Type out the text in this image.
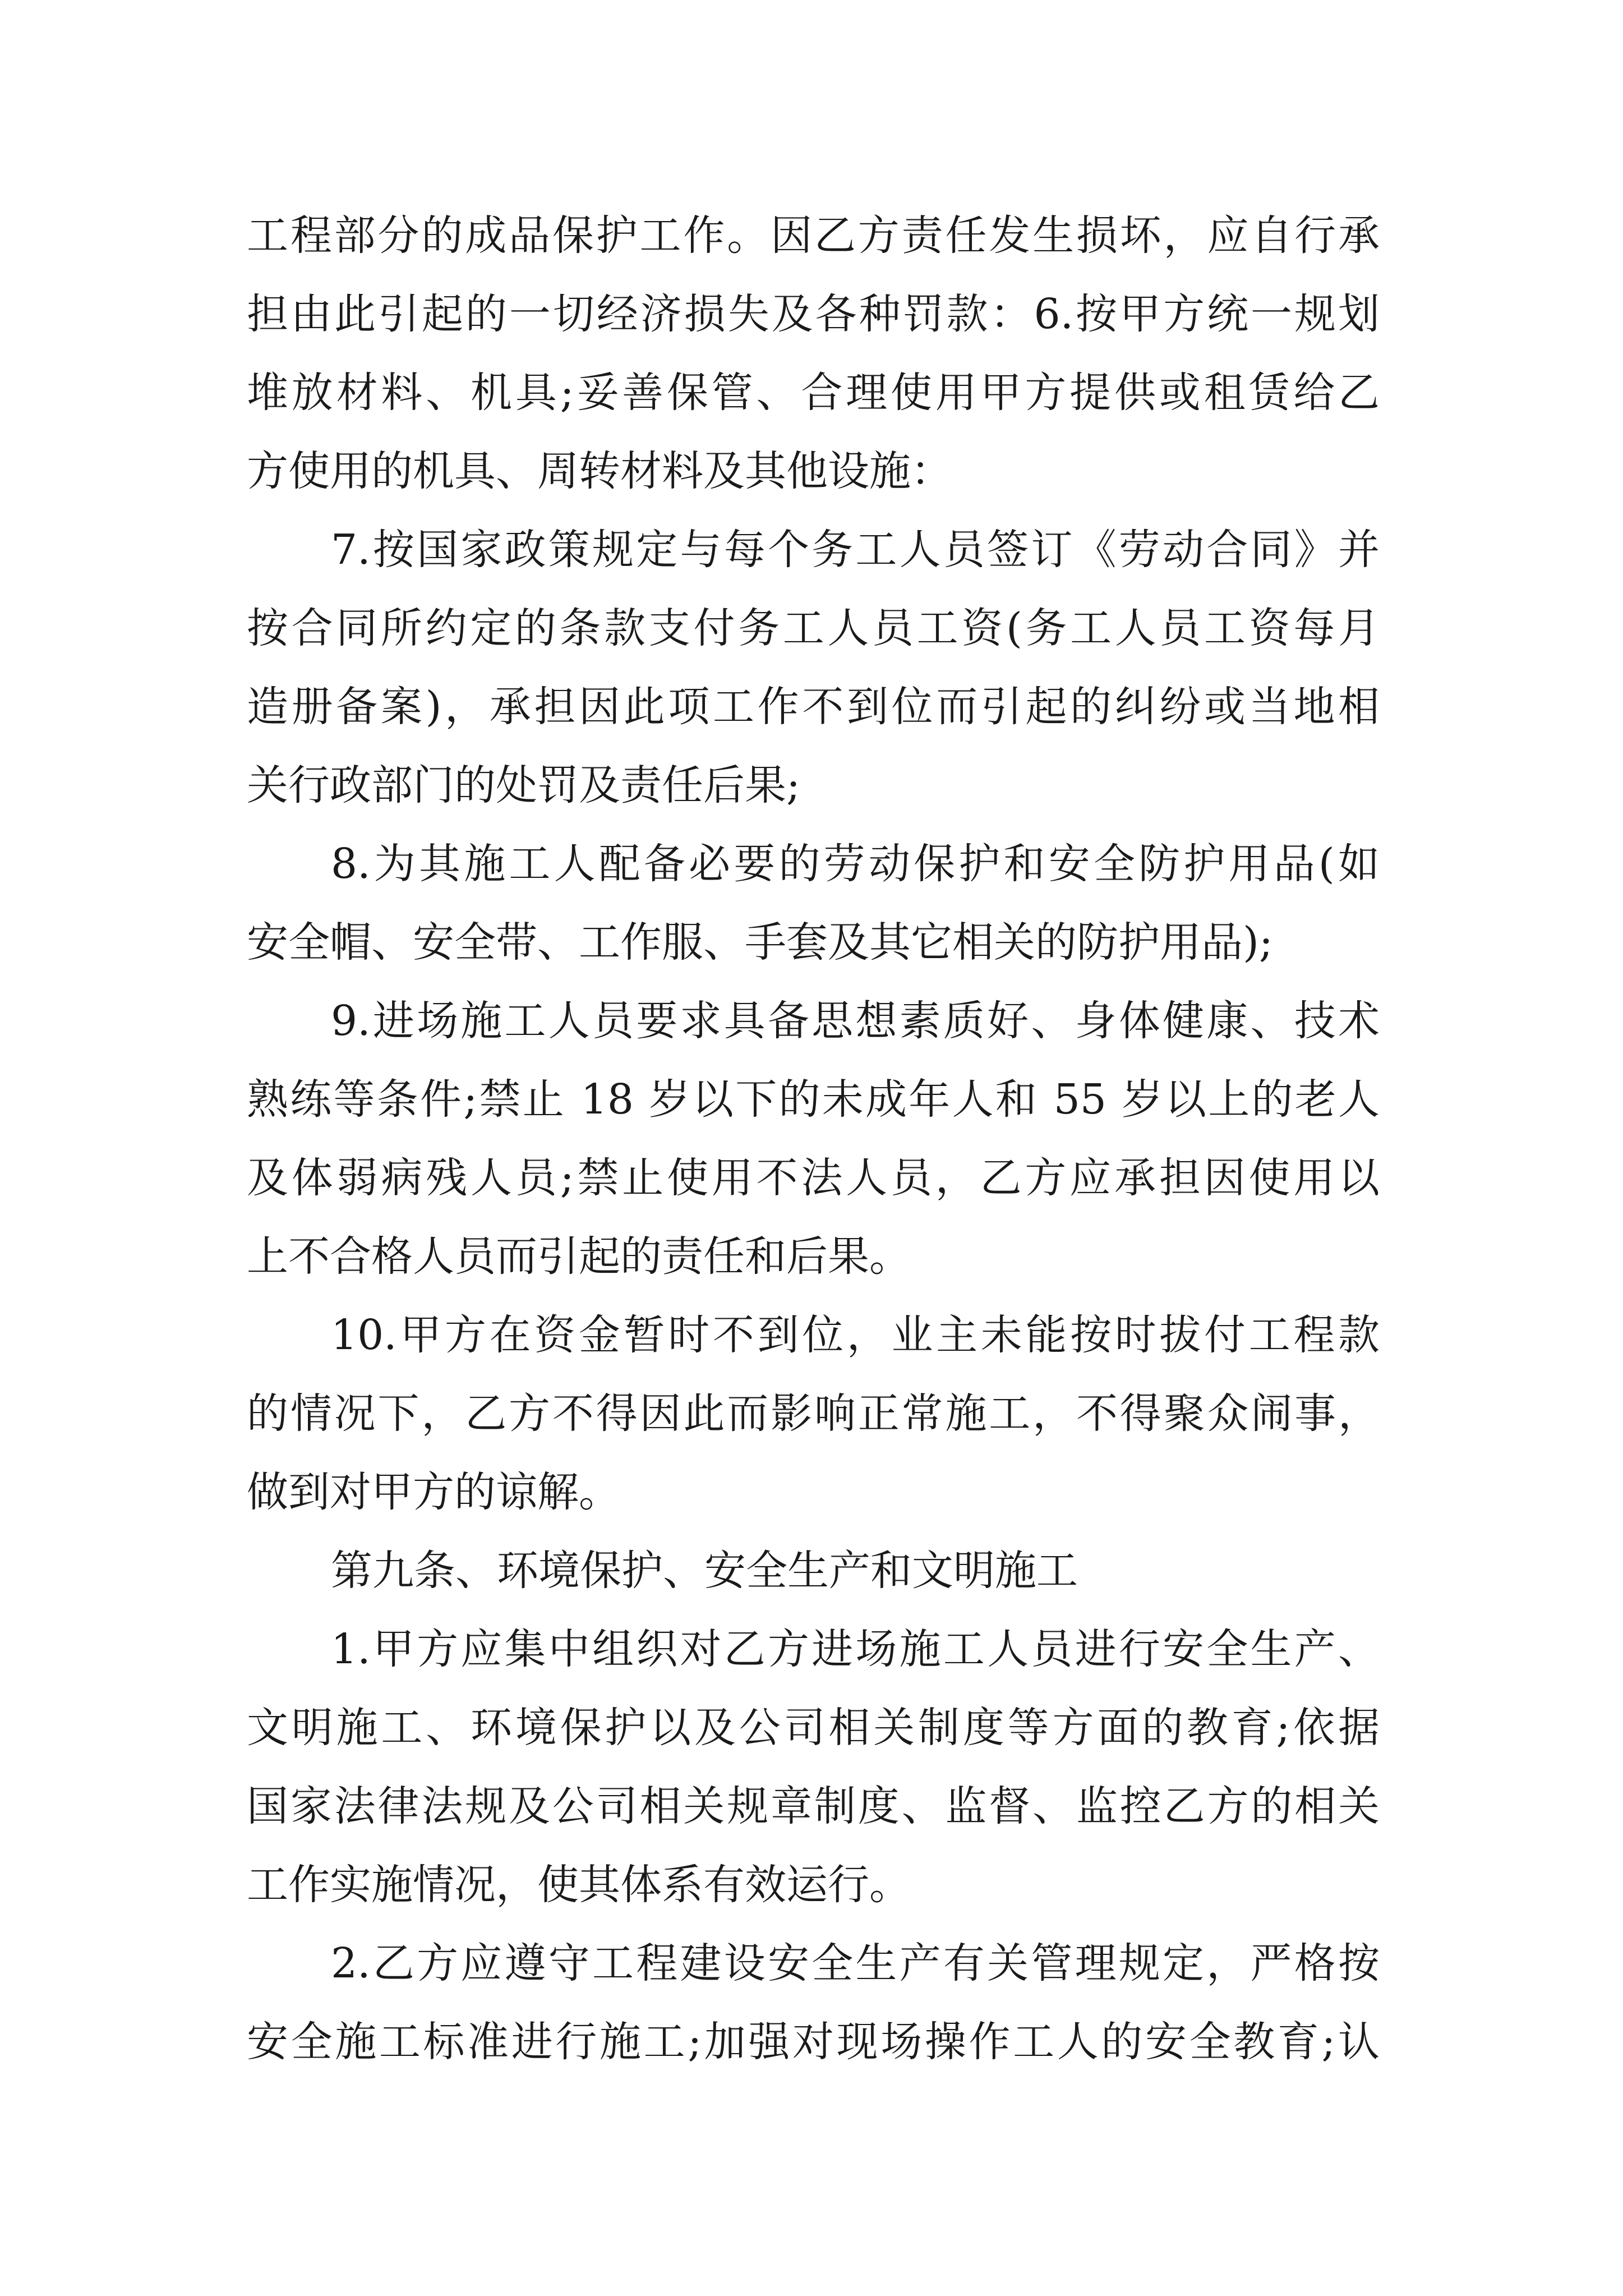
工程部分的成品保护工作。因乙方责任发生损坏，应自行承
担由此引起的一切经济损失及各种罚款：6.按甲方统一规划
堆放材料、机具;妥善保管、合理使用甲方提供或租赁给乙
方使用的机具、周转材料及其他设施：
7.按国家政策规定与每个务工人员签订《劳动合同》并
按合同所约定的条款支付务工人员工资(务工人员工资每月
造册备案)，承担因此项工作不到位而引起的纠纷或当地相
关行政部门的处罚及责任后果;
8.为其施工人配备必要的劳动保护和安全防护用品(如
安全帽、安全带、工作服、手套及其它相关的防护用品);
9.进场施工人员要求具备思想素质好、身体健康、技术
熟练等条件;禁止 18 岁以下的未成年人和 55 岁以上的老人
及体弱病残人员;禁止使用不法人员，乙方应承担因使用以
上不合格人员而引起的责任和后果。
10.甲方在资金暂时不到位，业主未能按时拔付工程款
的情况下，乙方不得因此而影响正常施工，不得聚众闹事，
做到对甲方的谅解。
第九条、环境保护、安全生产和文明施工
1.甲方应集中组织对乙方进场施工人员进行安全生产、
文明施工、环境保护以及公司相关制度等方面的教育;依据
国家法律法规及公司相关规章制度、监督、监控乙方的相关
工作实施情况，使其体系有效运行。
2.乙方应遵守工程建设安全生产有关管理规定，严格按
安全施工标准进行施工;加强对现场操作工人的安全教育;认
